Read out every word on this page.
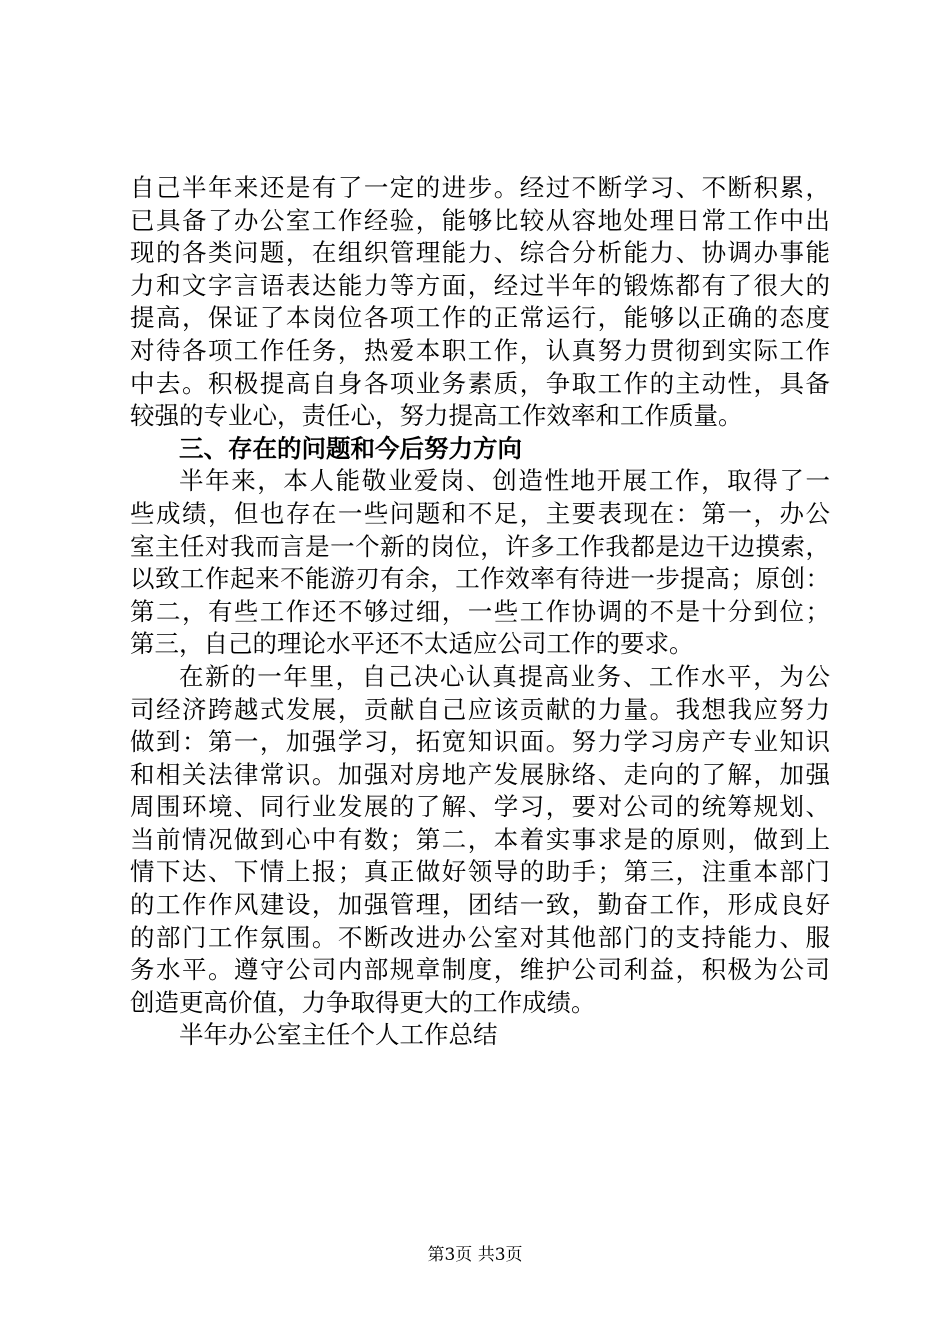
自己半年来还是有了一定的进步。经过不断学习、不断积累，
已具备了办公室工作经验，能够比较从容地处理日常工作中出
现的各类问题，在组织管理能力、综合分析能力、协调办事能
力和文字言语表达能力等方面，经过半年的锻炼都有了很大的
提高，保证了本岗位各项工作的正常运行，能够以正确的态度
对待各项工作任务，热爱本职工作，认真努力贯彻到实际工作
中去。积极提高自身各项业务素质，争取工作的主动性，具备
较强的专业心，责任心，努力提高工作效率和工作质量。
三、存在的问题和今后努力方向
半年来，本人能敬业爱岗、创造性地开展工作，取得了一
些成绩，但也存在一些问题和不足，主要表现在：第一，办公
室主任对我而言是一个新的岗位，许多工作我都是边干边摸索，
以致工作起来不能游刃有余，工作效率有待进一步提高；原创：
第二，有些工作还不够过细，一些工作协调的不是十分到位；
第三，自己的理论水平还不太适应公司工作的要求。
在新的一年里，自己决心认真提高业务、工作水平，为公
司经济跨越式发展，贡献自己应该贡献的力量。我想我应努力
做到：第一，加强学习，拓宽知识面。努力学习房产专业知识
和相关法律常识。加强对房地产发展脉络、走向的了解，加强
周围环境、同行业发展的了解、学习，要对公司的统筹规划、
当前情况做到心中有数；第二，本着实事求是的原则，做到上
情下达、下情上报；真正做好领导的助手；第三，注重本部门
的工作作风建设，加强管理，团结一致，勤奋工作，形成良好
的部门工作氛围。不断改进办公室对其他部门的支持能力、服
务水平。遵守公司内部规章制度，维护公司利益，积极为公司
创造更高价值，力争取得更大的工作成绩。
半年办公室主任个人工作总结
第3页 共3页
